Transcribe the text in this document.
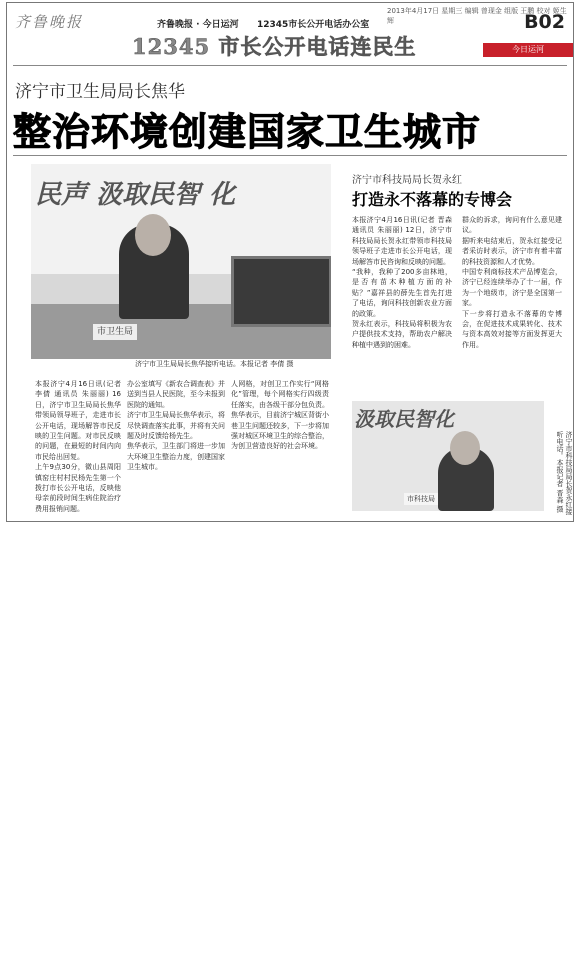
齐鲁晚报	齐鲁晚报 · 今日运河 12345市长公开电话办公室
2013年4月17日 星期三 编辑 曾现金 组版 王鹏 校对 姬生辉	B02
12345 市长公开电话连民生	今日运河
济宁市卫生局局长焦华
整治环境创建国家卫生城市
民声 汲取民智 化
市卫生局
济宁市卫生局局长焦华接听电话。本报记者 李倩 摄

本报济宁4月16日讯(记者 李倩 通讯员 朱丽丽) 16日，济宁市卫生局局长焦华带领局领导班子，走进市长公开电话，现场解答市民反映的卫生问题。对市民反映的问题，在最短的时间内向市民给出回复。

上午9点30分，微山县周阳镇窑庄村村民杨先生第一个拨打市长公开电话，反映他母亲前段时间生病住院治疗费用报销问题。

办公室填写《新农合调查表》并送到当县人民医院，至今未报到医院的通知。

济宁市卫生局局长焦华表示，将尽快调查落实此事，并将有关问题及时反馈给杨先生。

焦华表示，卫生部门将进一步加大环境卫生整治力度，创建国家卫生城市。

人网格，对创卫工作实行“网格化”管理，每个网格实行四级责任落实，由各级干部分包负责。

焦华表示，目前济宁城区背街小巷卫生问题还较多，下一步将加强对城区环境卫生的综合整治，为创卫营造良好的社会环境。

济宁市科技局局长贺永红
打造永不落幕的专博会

本报济宁4月16日讯(记者 晋森 通讯员 朱丽丽) 12日，济宁市科技局局长贺永红带领市科技局领导班子走进市长公开电话，现场解答市民咨询和反映的问题。

“我种，我种了200多亩林地，是否有苗木种植方面的补贴？”嘉祥县的薛先生首先打进了电话，询问科技创新农业方面的政策。

贺永红表示，科技局将积极为农户提供技术支持，帮助农户解决种植中遇到的困难。

群众的诉求，询问有什么意见建议。

据听来电结束后，贺永红接受记者采访时表示，济宁市有着丰富的科技资源和人才优势。

中国专利商标技术产品博览会，济宁已经连续举办了十一届，作为一个地级市，济宁是全国第一家。

下一步将打造永不落幕的专博会，在促进技术成果转化、技术与资本高效对接等方面发挥更大作用。

汲取民智化
市科技局	济宁市科技局局长贺永红接听电话。本报记者 晋森 摄
